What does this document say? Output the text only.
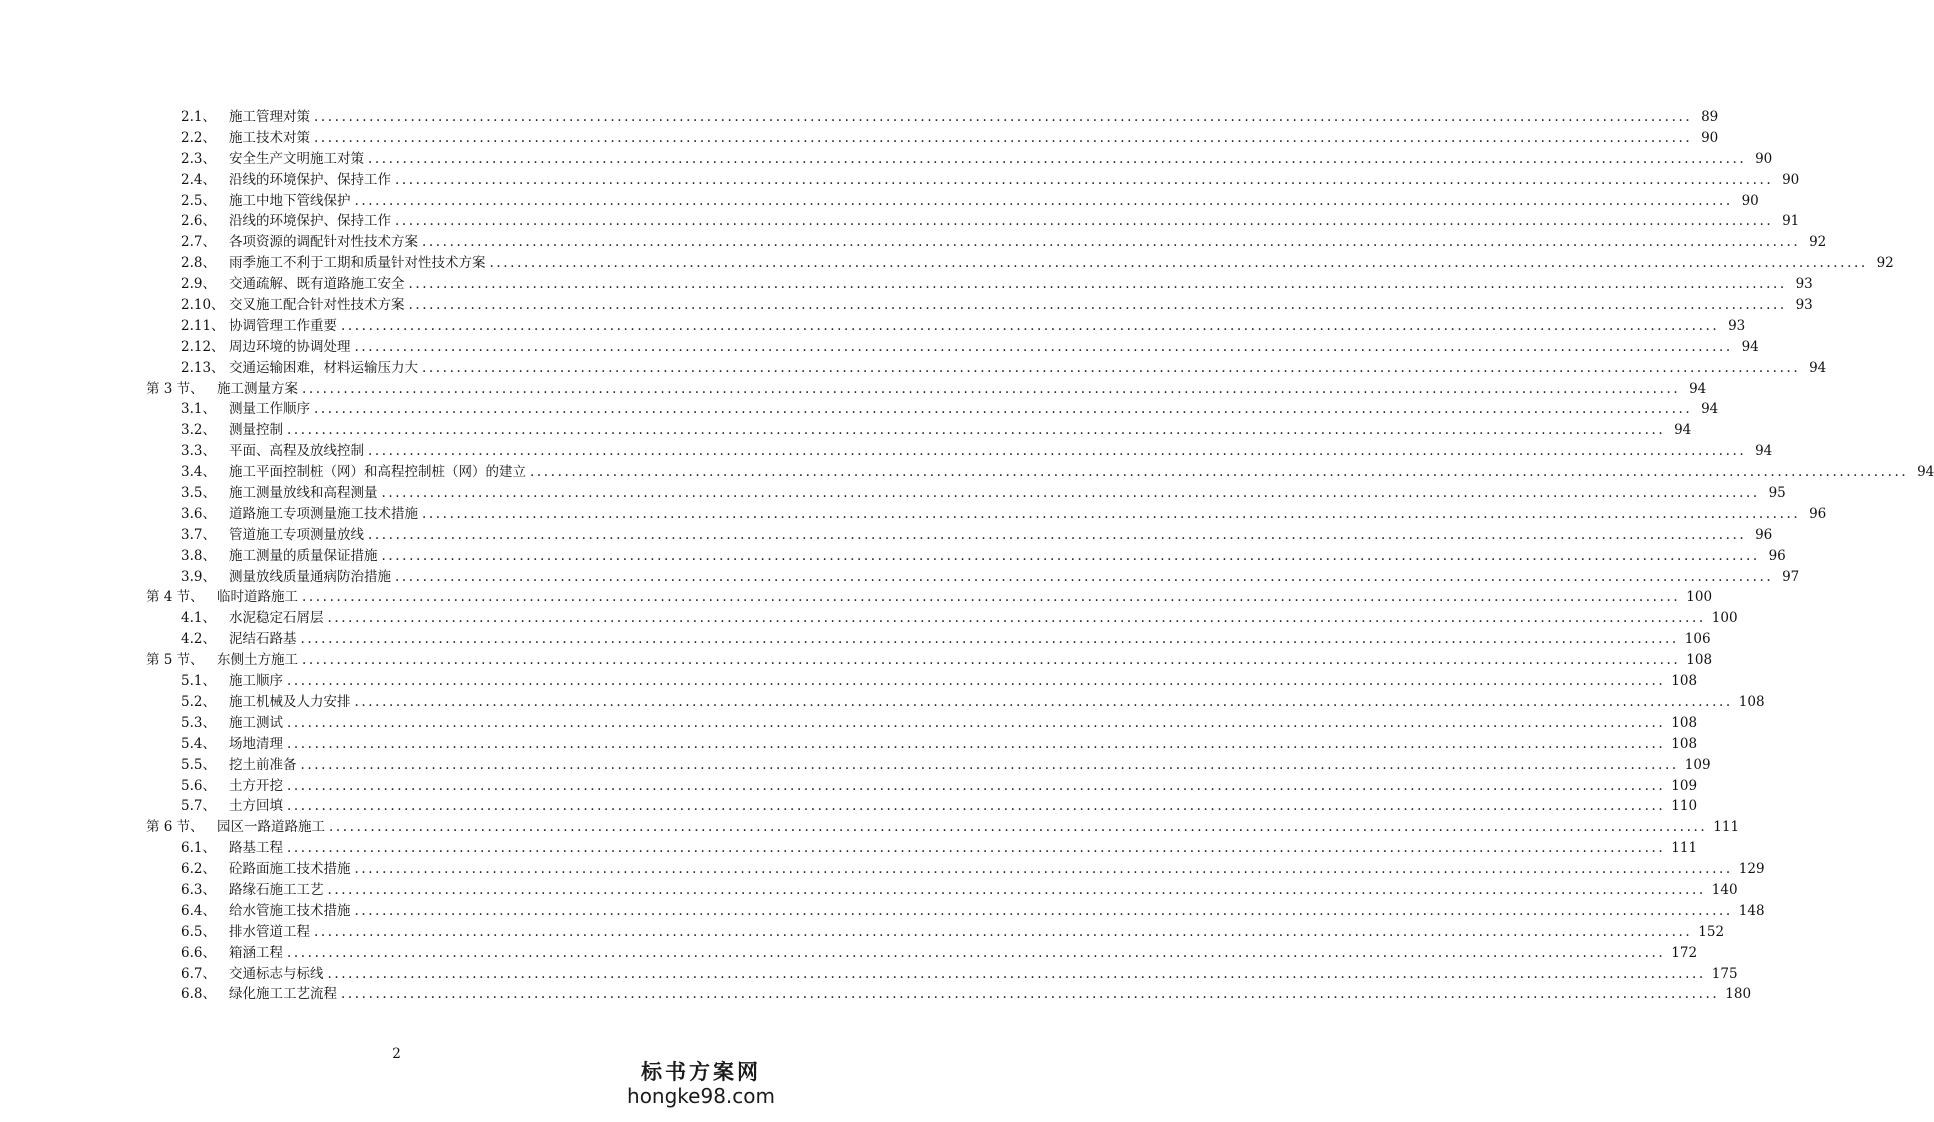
2.1、 施工管理对策 ........................................................................................................................................................................................................ 89
2.2、 施工技术对策 ........................................................................................................................................................................................................ 90
2.3、 安全生产文明施工对策 ........................................................................................................................................................................................................ 90
2.4、 沿线的环境保护、保持工作 ........................................................................................................................................................................................................ 90
2.5、 施工中地下管线保护 ........................................................................................................................................................................................................ 90
2.6、 沿线的环境保护、保持工作 ........................................................................................................................................................................................................ 91
2.7、 各项资源的调配针对性技术方案 ........................................................................................................................................................................................................ 92
2.8、 雨季施工不利于工期和质量针对性技术方案 ........................................................................................................................................................................................................ 92
2.9、 交通疏解、既有道路施工安全 ........................................................................................................................................................................................................ 93
2.10、 交叉施工配合针对性技术方案 ........................................................................................................................................................................................................ 93
2.11、 协调管理工作重要 ........................................................................................................................................................................................................ 93
2.12、 周边环境的协调处理 ........................................................................................................................................................................................................ 94
2.13、 交通运输困难，材料运输压力大 ........................................................................................................................................................................................................ 94
第 3 节、 施工测量方案 ........................................................................................................................................................................................................ 94
3.1、 测量工作顺序 ........................................................................................................................................................................................................ 94
3.2、 测量控制 ........................................................................................................................................................................................................ 94
3.3、 平面、高程及放线控制 ........................................................................................................................................................................................................ 94
3.4、 施工平面控制桩（网）和高程控制桩（网）的建立 ........................................................................................................................................................................................................ 94
3.5、 施工测量放线和高程测量 ........................................................................................................................................................................................................ 95
3.6、 道路施工专项测量施工技术措施 ........................................................................................................................................................................................................ 96
3.7、 管道施工专项测量放线 ........................................................................................................................................................................................................ 96
3.8、 施工测量的质量保证措施 ........................................................................................................................................................................................................ 96
3.9、 测量放线质量通病防治措施 ........................................................................................................................................................................................................ 97
第 4 节、 临时道路施工 ........................................................................................................................................................................................................ 100
4.1、 水泥稳定石屑层 ........................................................................................................................................................................................................ 100
4.2、 泥结石路基 ........................................................................................................................................................................................................ 106
第 5 节、 东侧土方施工 ........................................................................................................................................................................................................ 108
5.1、 施工顺序 ........................................................................................................................................................................................................ 108
5.2、 施工机械及人力安排 ........................................................................................................................................................................................................ 108
5.3、 施工测试 ........................................................................................................................................................................................................ 108
5.4、 场地清理 ........................................................................................................................................................................................................ 108
5.5、 挖土前准备 ........................................................................................................................................................................................................ 109
5.6、 土方开挖 ........................................................................................................................................................................................................ 109
5.7、 土方回填 ........................................................................................................................................................................................................ 110
第 6 节、 园区一路道路施工 ........................................................................................................................................................................................................ 111
6.1、 路基工程 ........................................................................................................................................................................................................ 111
6.2、 砼路面施工技术措施 ........................................................................................................................................................................................................ 129
6.3、 路缘石施工工艺 ........................................................................................................................................................................................................ 140
6.4、 给水管施工技术措施 ........................................................................................................................................................................................................ 148
6.5、 排水管道工程 ........................................................................................................................................................................................................ 152
6.6、 箱涵工程 ........................................................................................................................................................................................................ 172
6.7、 交通标志与标线 ........................................................................................................................................................................................................ 175
6.8、 绿化施工工艺流程 ........................................................................................................................................................................................................ 180
2
标书方案网
hongke98.com
